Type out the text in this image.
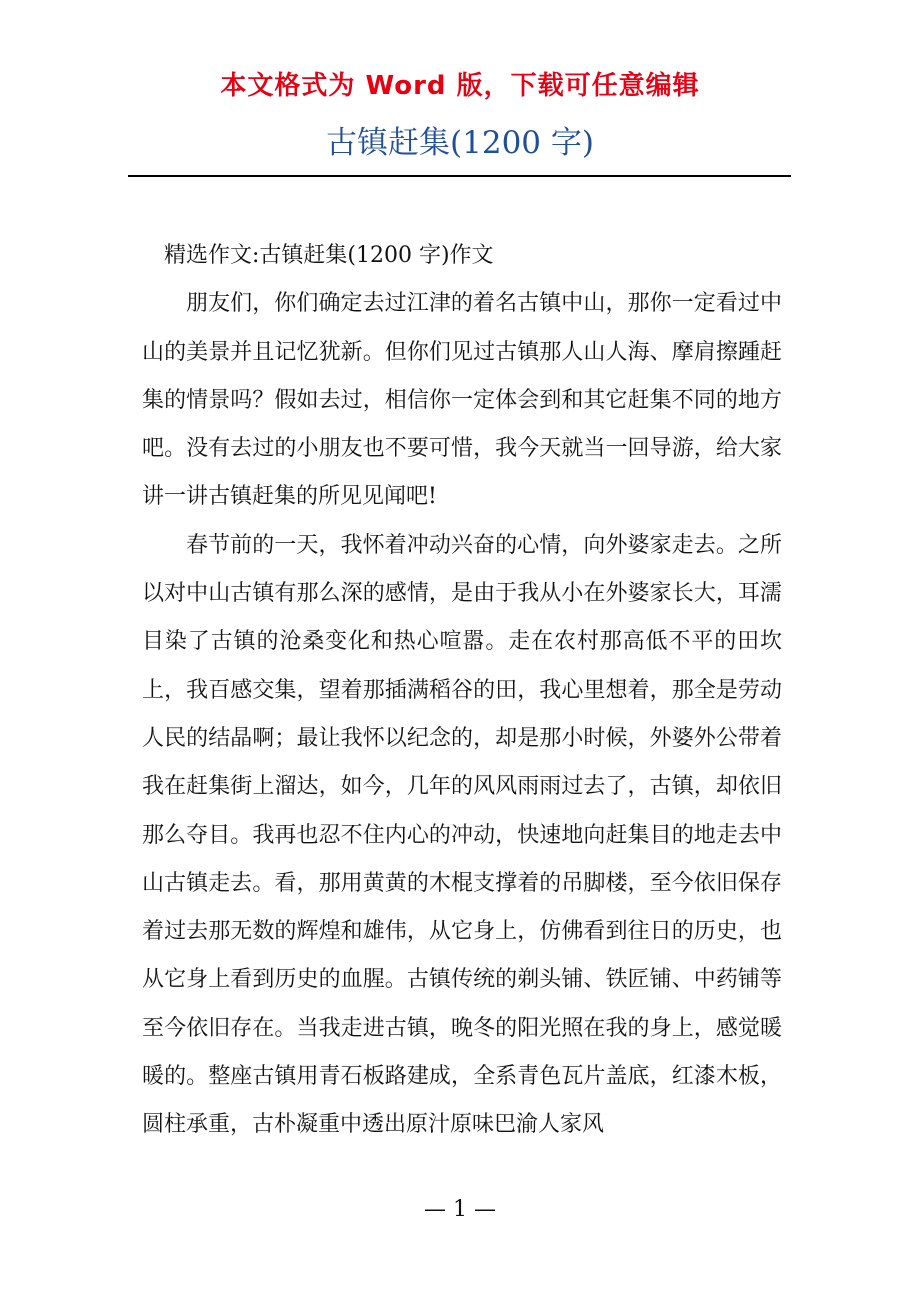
本文格式为 Word 版，下载可任意编辑
古镇赶集(1200 字)

精选作文:古镇赶集(1200 字)作文

朋友们，你们确定去过江津的着名古镇中山，那你一定看过中山的美景并且记忆犹新。但你们见过古镇那人山人海、摩肩擦踵赶集的情景吗？假如去过，相信你一定体会到和其它赶集不同的地方吧。没有去过的小朋友也不要可惜，我今天就当一回导游，给大家讲一讲古镇赶集的所见见闻吧!

春节前的一天，我怀着冲动兴奋的心情，向外婆家走去。之所以对中山古镇有那么深的感情，是由于我从小在外婆家长大，耳濡目染了古镇的沧桑变化和热心喧嚣。走在农村那高低不平的田坎上，我百感交集，望着那插满稻谷的田，我心里想着，那全是劳动人民的结晶啊；最让我怀以纪念的，却是那小时候，外婆外公带着我在赶集街上溜达，如今，几年的风风雨雨过去了，古镇，却依旧那么夺目。我再也忍不住内心的冲动，快速地向赶集目的地走去中山古镇走去。看，那用黄黄的木棍支撑着的吊脚楼，至今依旧保存着过去那无数的辉煌和雄伟，从它身上，仿佛看到往日的历史，也从它身上看到历史的血腥。古镇传统的剃头铺、铁匠铺、中药铺等至今依旧存在。当我走进古镇，晚冬的阳光照在我的身上，感觉暖暖的。整座古镇用青石板路建成，全系青色瓦片盖底，红漆木板，圆柱承重，古朴凝重中透出原汁原味巴渝人家风

— 1 —
